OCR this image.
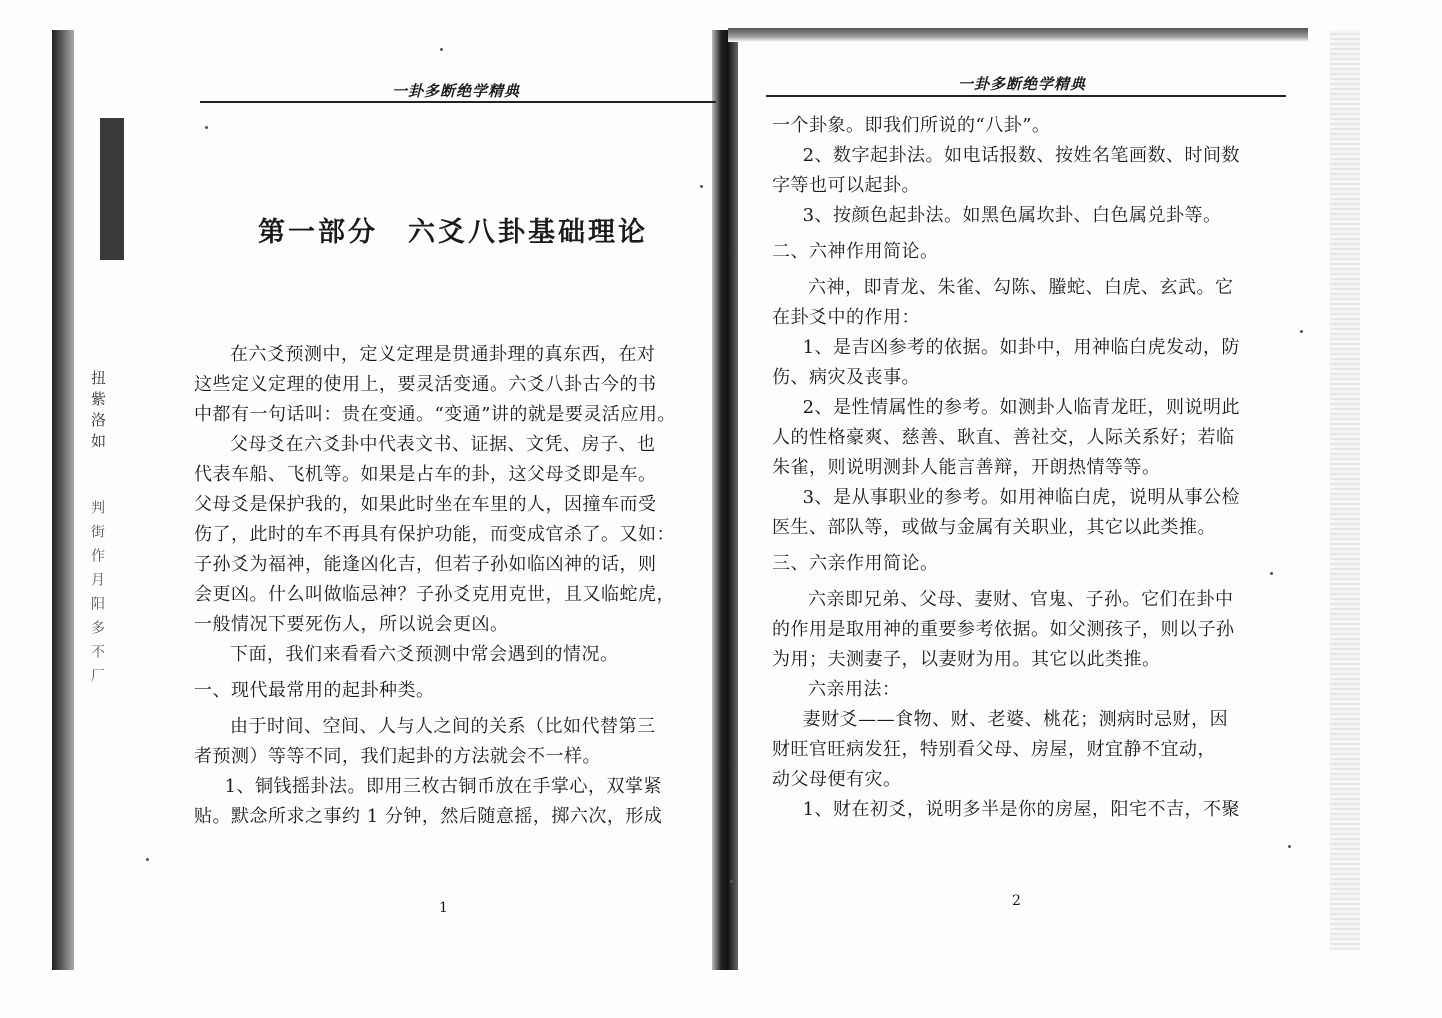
扭紫洛如
判街作月阳多不厂
一卦多断绝学精典
第一部分　六爻八卦基础理论

在六爻预测中，定义定理是贯通卦理的真东西，在对

这些定义定理的使用上，要灵活变通。六爻八卦古今的书

中都有一句话叫：贵在变通。“变通”讲的就是要灵活应用。

父母爻在六爻卦中代表文书、证据、文凭、房子、也

代表车船、飞机等。如果是占车的卦，这父母爻即是车。

父母爻是保护我的，如果此时坐在车里的人，因撞车而受

伤了，此时的车不再具有保护功能，而变成官杀了。又如：

子孙爻为福神，能逢凶化吉，但若子孙如临凶神的话，则

会更凶。什么叫做临忌神？子孙爻克用克世，且又临蛇虎，

一般情况下要死伤人，所以说会更凶。

下面，我们来看看六爻预测中常会遇到的情况。

一、现代最常用的起卦种类。

由于时间、空间、人与人之间的关系（比如代替第三

者预测）等等不同，我们起卦的方法就会不一样。

1、铜钱摇卦法。即用三枚古铜币放在手掌心，双掌紧

贴。默念所求之事约 1 分钟，然后随意摇，掷六次，形成

1
一卦多断绝学精典

一个卦象。即我们所说的“八卦”。

2、数字起卦法。如电话报数、按姓名笔画数、时间数

字等也可以起卦。

3、按颜色起卦法。如黑色属坎卦、白色属兑卦等。

二、六神作用简论。

六神，即青龙、朱雀、勾陈、螣蛇、白虎、玄武。它

在卦爻中的作用：

1、是吉凶参考的依据。如卦中，用神临白虎发动，防

伤、病灾及丧事。

2、是性情属性的参考。如测卦人临青龙旺，则说明此

人的性格豪爽、慈善、耿直、善社交，人际关系好；若临

朱雀，则说明测卦人能言善辩，开朗热情等等。

3、是从事职业的参考。如用神临白虎，说明从事公检

医生、部队等，或做与金属有关职业，其它以此类推。

三、六亲作用简论。

六亲即兄弟、父母、妻财、官鬼、子孙。它们在卦中

的作用是取用神的重要参考依据。如父测孩子，则以子孙

为用；夫测妻子，以妻财为用。其它以此类推。

六亲用法：

妻财爻——食物、财、老婆、桃花；测病时忌财，因

财旺官旺病发狂，特别看父母、房屋，财宜静不宜动，

动父母便有灾。

1、财在初爻，说明多半是你的房屋，阳宅不吉，不聚

2
